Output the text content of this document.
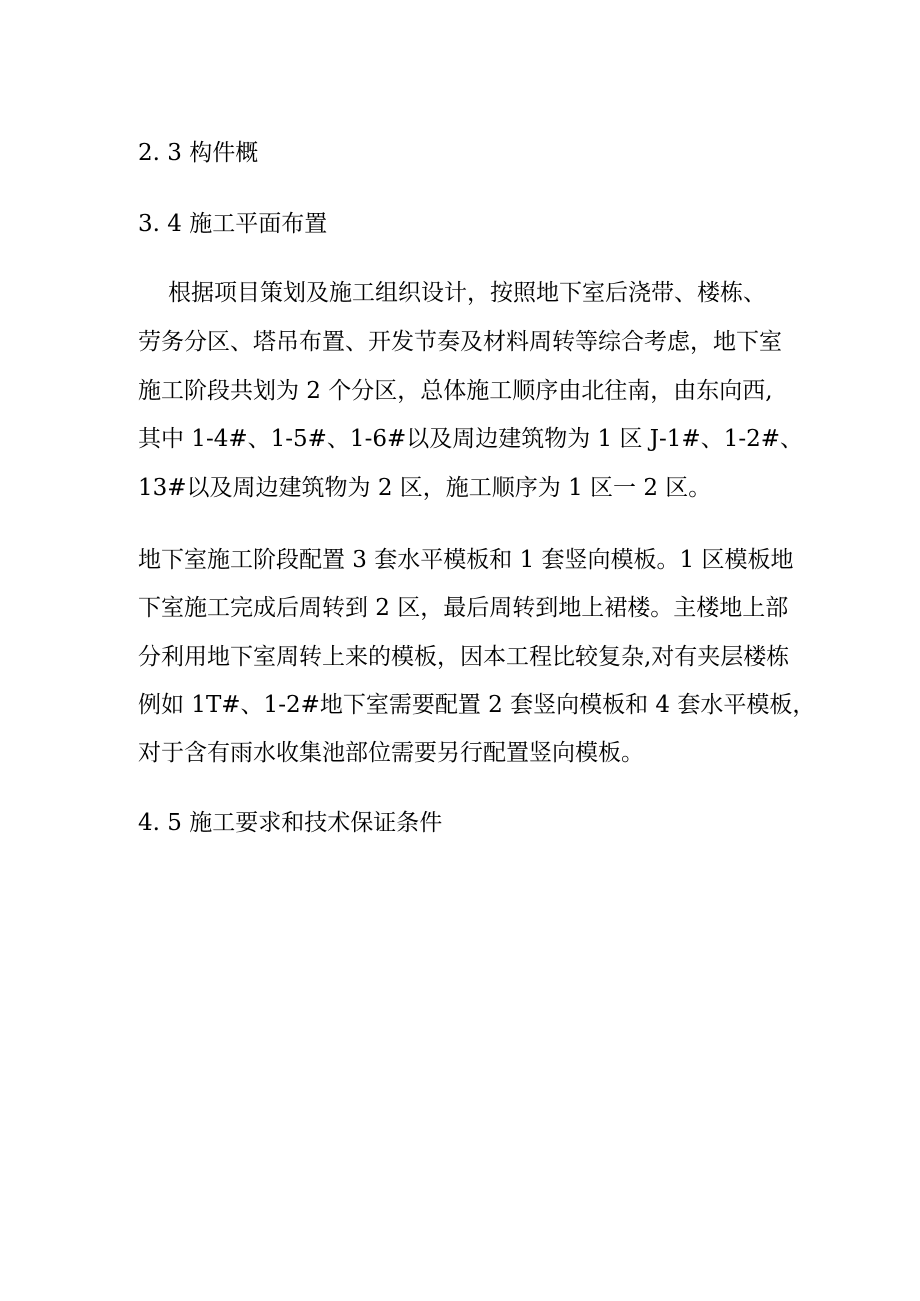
2. 3 构件概
3. 4 施工平面布置
根据项目策划及施工组织设计，按照地下室后浇带、楼栋、
劳务分区、塔吊布置、开发节奏及材料周转等综合考虑，地下室
施工阶段共划为 2 个分区，总体施工顺序由北往南，由东向西,
其中 1-4#、1-5#、1-6#以及周边建筑物为 1 区 J-1#、1-2#、
13#以及周边建筑物为 2 区，施工顺序为 1 区一 2 区。
地下室施工阶段配置 3 套水平模板和 1 套竖向模板。1 区模板地
下室施工完成后周转到 2 区，最后周转到地上裙楼。主楼地上部
分利用地下室周转上来的模板，因本工程比较复杂,对有夹层楼栋
例如 1T#、1-2#地下室需要配置 2 套竖向模板和 4 套水平模板，
对于含有雨水收集池部位需要另行配置竖向模板。
4. 5 施工要求和技术保证条件
